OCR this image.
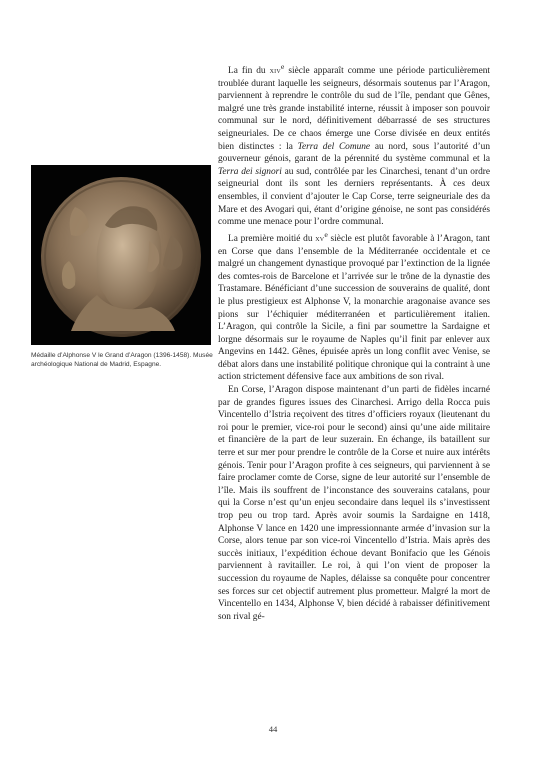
Médaille d’Alphonse V le Grand d’Aragon (1396-1458). Musée archéologique National de Madrid, Espagne.

La fin du xiv$^e$ siècle apparaît comme une période particulièrement troublée durant laquelle les seigneurs, désormais soutenus par l’Aragon, parviennent à reprendre le contrôle du sud de l’île, pendant que Gênes, malgré une très grande instabilité interne, réussit à imposer son pouvoir communal sur le nord, définitivement débarrassé de ses structures seigneuriales. De ce chaos émerge une Corse divisée en deux entités bien distinctes : la Terra del Comune au nord, sous l’autorité d’un gouverneur génois, garant de la pérennité du système communal et la Terra dei signori au sud, contrôlée par les Cinarchesi, tenant d’un ordre seigneurial dont ils sont les derniers représentants. À ces deux ensembles, il convient d’ajouter le Cap Corse, terre seigneuriale des da Mare et des Avogari qui, étant d’origine génoise, ne sont pas considérés comme une menace pour l’ordre communal.

La première moitié du $xv^e$ siècle est plutôt favorable à l’Aragon, tant en Corse que dans l’ensemble de la Méditerranée occidentale et ce malgré un changement dynastique provoqué par l’extinction de la lignée des comtes-rois de Barcelone et l’arrivée sur le trône de la dynastie des Trastamare. Bénéficiant d’une succession de souverains de qualité, dont le plus prestigieux est Alphonse V, la monarchie aragonaise avance ses pions sur l’échiquier méditerranéen et particulièrement italien. L’Aragon, qui contrôle la Sicile, a fini par soumettre la Sardaigne et lorgne désormais sur le royaume de Naples qu’il finit par enlever aux Angevins en 1442. Gênes, épuisée après un long conflit avec Venise, se débat alors dans une instabilité politique chronique qui la contraint à une action strictement défensive face aux ambitions de son rival.

En Corse, l’Aragon dispose maintenant d’un parti de fidèles incarné par de grandes figures issues des Cinarchesi. Arrigo della Rocca puis Vincentello d’Istria reçoivent des titres d’officiers royaux (lieutenant du roi pour le premier, vice-roi pour le second) ainsi qu’une aide militaire et financière de la part de leur suzerain. En échange, ils bataillent sur terre et sur mer pour prendre le contrôle de la Corse et nuire aux intérêts génois. Tenir pour l’Aragon profite à ces seigneurs, qui parviennent à se faire proclamer comte de Corse, signe de leur autorité sur l’ensemble de l’île. Mais ils souffrent de l’inconstance des souverains catalans, pour qui la Corse n’est qu’un enjeu secondaire dans lequel ils s’investissent trop peu ou trop tard. Après avoir soumis la Sardaigne en 1418, Alphonse V lance en 1420 une impressionnante armée d’invasion sur la Corse, alors tenue par son vice-roi Vincentello d’Istria. Mais après des succès initiaux, l’expédition échoue devant Bonifacio que les Génois parviennent à ravitailler. Le roi, à qui l’on vient de proposer la succession du royaume de Naples, délaisse sa conquête pour concentrer ses forces sur cet objectif autrement plus prometteur. Malgré la mort de Vincentello en 1434, Alphonse V, bien décidé à rabaisser définitivement son rival gé-

44
